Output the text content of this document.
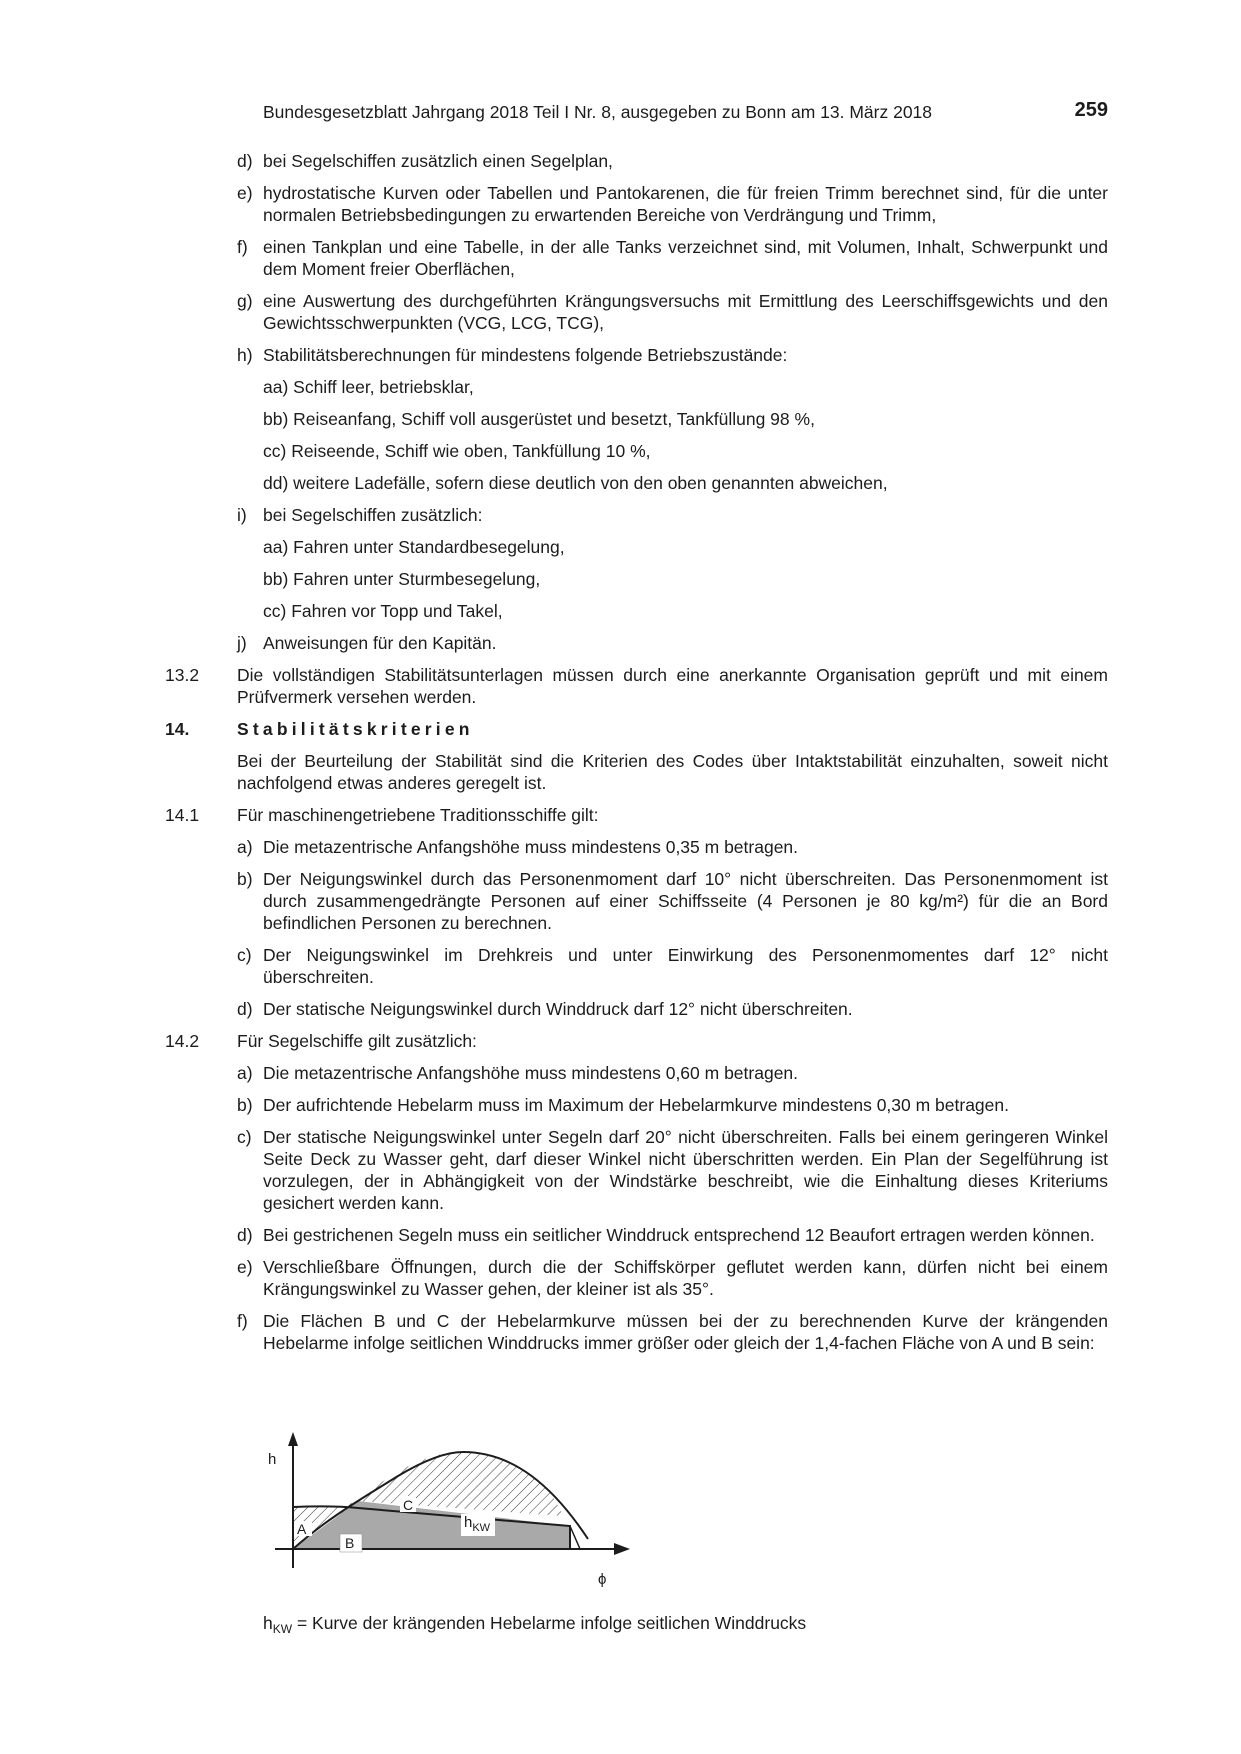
Bundesgesetzblatt Jahrgang 2018 Teil I Nr. 8, ausgegeben zu Bonn am 13. März 2018	259
d) bei Segelschiffen zusätzlich einen Segelplan,
e) hydrostatische Kurven oder Tabellen und Pantokarenen, die für freien Trimm berechnet sind, für die unter normalen Betriebsbedingungen zu erwartenden Bereiche von Verdrängung und Trimm,
f) einen Tankplan und eine Tabelle, in der alle Tanks verzeichnet sind, mit Volumen, Inhalt, Schwerpunkt und dem Moment freier Oberflächen,
g) eine Auswertung des durchgeführten Krängungsversuchs mit Ermittlung des Leerschiffsgewichts und den Gewichtsschwerpunkten (VCG, LCG, TCG),
h) Stabilitätsberechnungen für mindestens folgende Betriebszustände:
aa) Schiff leer, betriebsklar,
bb) Reiseanfang, Schiff voll ausgerüstet und besetzt, Tankfüllung 98 %,
cc) Reiseende, Schiff wie oben, Tankfüllung 10 %,
dd) weitere Ladefälle, sofern diese deutlich von den oben genannten abweichen,
i) bei Segelschiffen zusätzlich:
aa) Fahren unter Standardbesegelung,
bb) Fahren unter Sturmbesegelung,
cc) Fahren vor Topp und Takel,
j) Anweisungen für den Kapitän.
13.2 Die vollständigen Stabilitätsunterlagen müssen durch eine anerkannte Organisation geprüft und mit einem Prüfvermerk versehen werden.
14.	Stabilitätskriterien
Bei der Beurteilung der Stabilität sind die Kriterien des Codes über Intaktstabilität einzuhalten, soweit nicht nachfolgend etwas anderes geregelt ist.
14.1 Für maschinengetriebene Traditionsschiffe gilt:
a) Die metazentrische Anfangshöhe muss mindestens 0,35 m betragen.
b) Der Neigungswinkel durch das Personenmoment darf 10° nicht überschreiten. Das Personenmoment ist durch zusammengedrängte Personen auf einer Schiffsseite (4 Personen je 80 kg/m²) für die an Bord befindlichen Personen zu berechnen.
c) Der Neigungswinkel im Drehkreis und unter Einwirkung des Personenmomentes darf 12° nicht überschreiten.
d) Der statische Neigungswinkel durch Winddruck darf 12° nicht überschreiten.
14.2 Für Segelschiffe gilt zusätzlich:
a) Die metazentrische Anfangshöhe muss mindestens 0,60 m betragen.
b) Der aufrichtende Hebelarm muss im Maximum der Hebelarmkurve mindestens 0,30 m betragen.
c) Der statische Neigungswinkel unter Segeln darf 20° nicht überschreiten. Falls bei einem geringeren Winkel Seite Deck zu Wasser geht, darf dieser Winkel nicht überschritten werden. Ein Plan der Segelführung ist vorzulegen, der in Abhängigkeit von der Windstärke beschreibt, wie die Einhaltung dieses Kriteriums gesichert werden kann.
d) Bei gestrichenen Segeln muss ein seitlicher Winddruck entsprechend 12 Beaufort ertragen werden können.
e) Verschließbare Öffnungen, durch die der Schiffskörper geflutet werden kann, dürfen nicht bei einem Krängungswinkel zu Wasser gehen, der kleiner ist als 35°.
f) Die Flächen B und C der Hebelarmkurve müssen bei der zu berechnenden Kurve der krängenden Hebelarme infolge seitlichen Winddrucks immer größer oder gleich der 1,4-fachen Fläche von A und B sein:
h
ϕ
A
B
C
$h_{KW}$
$h_{KW}$ = Kurve der krängenden Hebelarme infolge seitlichen Winddrucks
